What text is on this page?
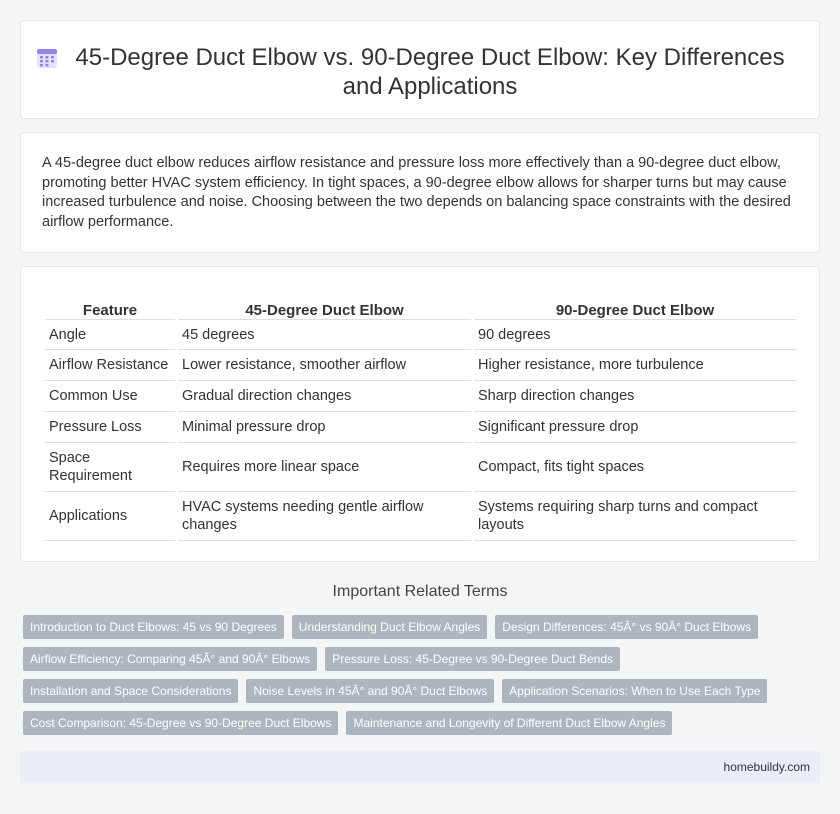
45-Degree Duct Elbow vs. 90-Degree Duct Elbow: Key Differences and Applications

A 45-degree duct elbow reduces airflow resistance and pressure loss more effectively than a 90-degree duct elbow, promoting better HVAC system efficiency. In tight spaces, a 90-degree elbow allows for sharper turns but may cause increased turbulence and noise. Choosing between the two depends on balancing space constraints with the desired airflow performance.

Feature	45-Degree Duct Elbow	90-Degree Duct Elbow
Angle	45 degrees	90 degrees
Airflow Resistance	Lower resistance, smoother airflow	Higher resistance, more turbulence
Common Use	Gradual direction changes	Sharp direction changes
Pressure Loss	Minimal pressure drop	Significant pressure drop
Space Requirement	Requires more linear space	Compact, fits tight spaces
Applications	HVAC systems needing gentle airflow changes	Systems requiring sharp turns and compact layouts
Important Related Terms
Introduction to Duct Elbows: 45 vs 90 Degrees	Understanding Duct Elbow Angles	Design Differences: 45Â° vs 90Â° Duct Elbows
Airflow Efficiency: Comparing 45Â° and 90Â° Elbows	Pressure Loss: 45-Degree vs 90-Degree Duct Bends
Installation and Space Considerations	Noise Levels in 45Â° and 90Â° Duct Elbows	Application Scenarios: When to Use Each Type
Cost Comparison: 45-Degree vs 90-Degree Duct Elbows	Maintenance and Longevity of Different Duct Elbow Angles
homebuildy.com
